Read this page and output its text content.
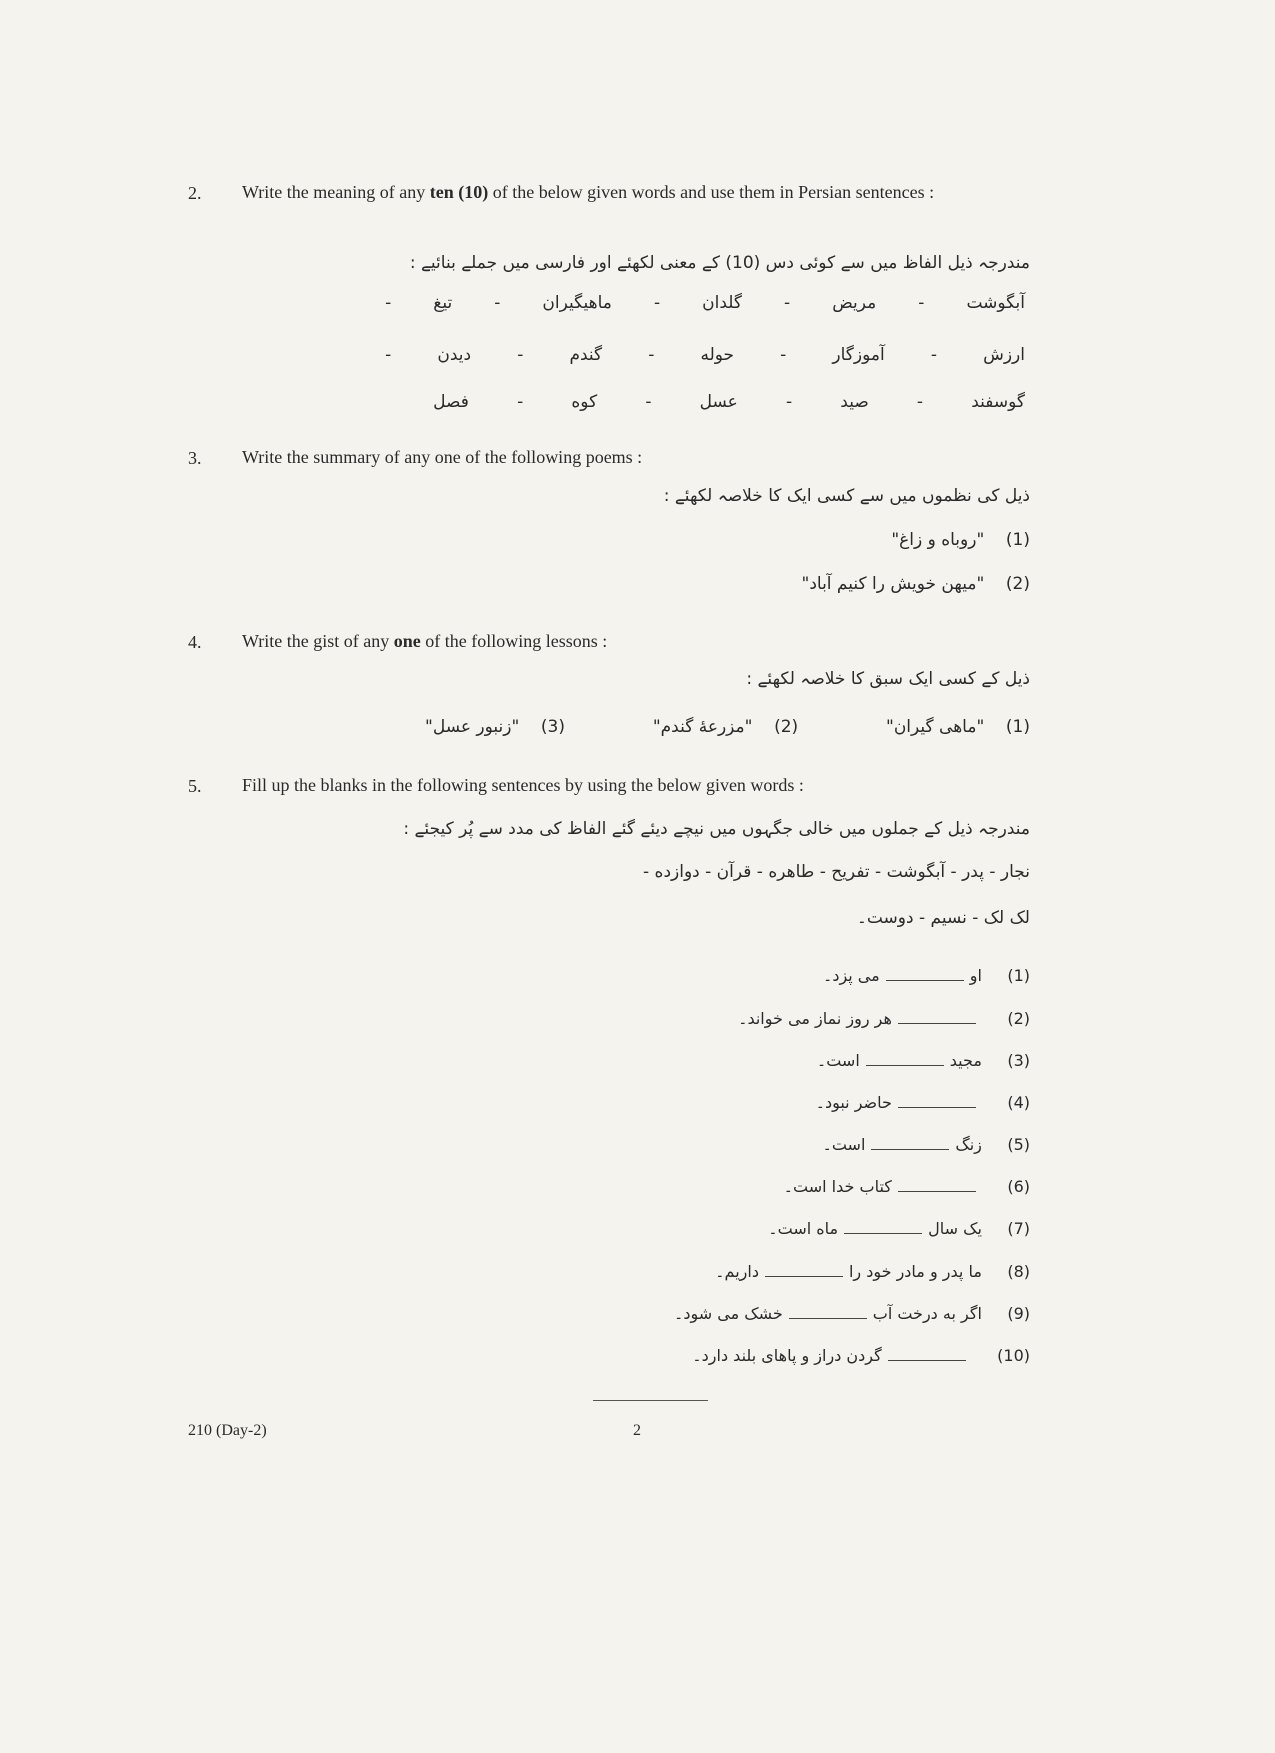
2. Write the meaning of any ten (10) of the below given words and use them in Persian sentences :
مندرجہ ذیل الفاظ میں سے کوئی دس (10) کے معنی لکھئے اور فارسی میں جملے بنائیے :
آبگوشت
-
مریض
-
گلدان
-
ماهیگیران
-
تیغ
-
ارزش
-
آموزگار
-
حوله
-
گندم
-
دیدن
-
گوسفند
-
صید
-
عسل
-
کوه
-
فصل
3. Write the summary of any one of the following poems :
ذیل کی نظموں میں سے کسی ایک کا خلاصہ لکھئے :
(1)    "روباه و زاغ"
(2)    "میهن خویش را کنیم آباد"
4. Write the gist of any one of the following lessons :
ذیل کے کسی ایک سبق کا خلاصہ لکھئے :
(1)    "ماهی گیران"
(2)    "مزرعهٔ گندم"
(3)    "زنبور عسل"
5. Fill up the blanks in the following sentences by using the below given words :
مندرجہ ذیل کے جملوں میں خالی جگہوں میں نیچے دیئے گئے الفاظ کی مدد سے پُر کیجئے :
نجار - پدر - آبگوشت - تفریح - طاهره - قرآن - دوازده -
لک لک - نسیم - دوست۔
(1)     اومی پزد۔
(2)     هر روز نماز می خواند۔
(3)     مجیداست۔
(4)     حاضر نبود۔
(5)     زنگاست۔
(6)     کتاب خدا است۔
(7)     یک سالماه است۔
(8)     ما پدر و مادر خود راداریم۔
(9)     اگر به درخت آبخشک می شود۔
(10)     گردن دراز و پاهای بلند دارد۔
210 (Day-2)	2
